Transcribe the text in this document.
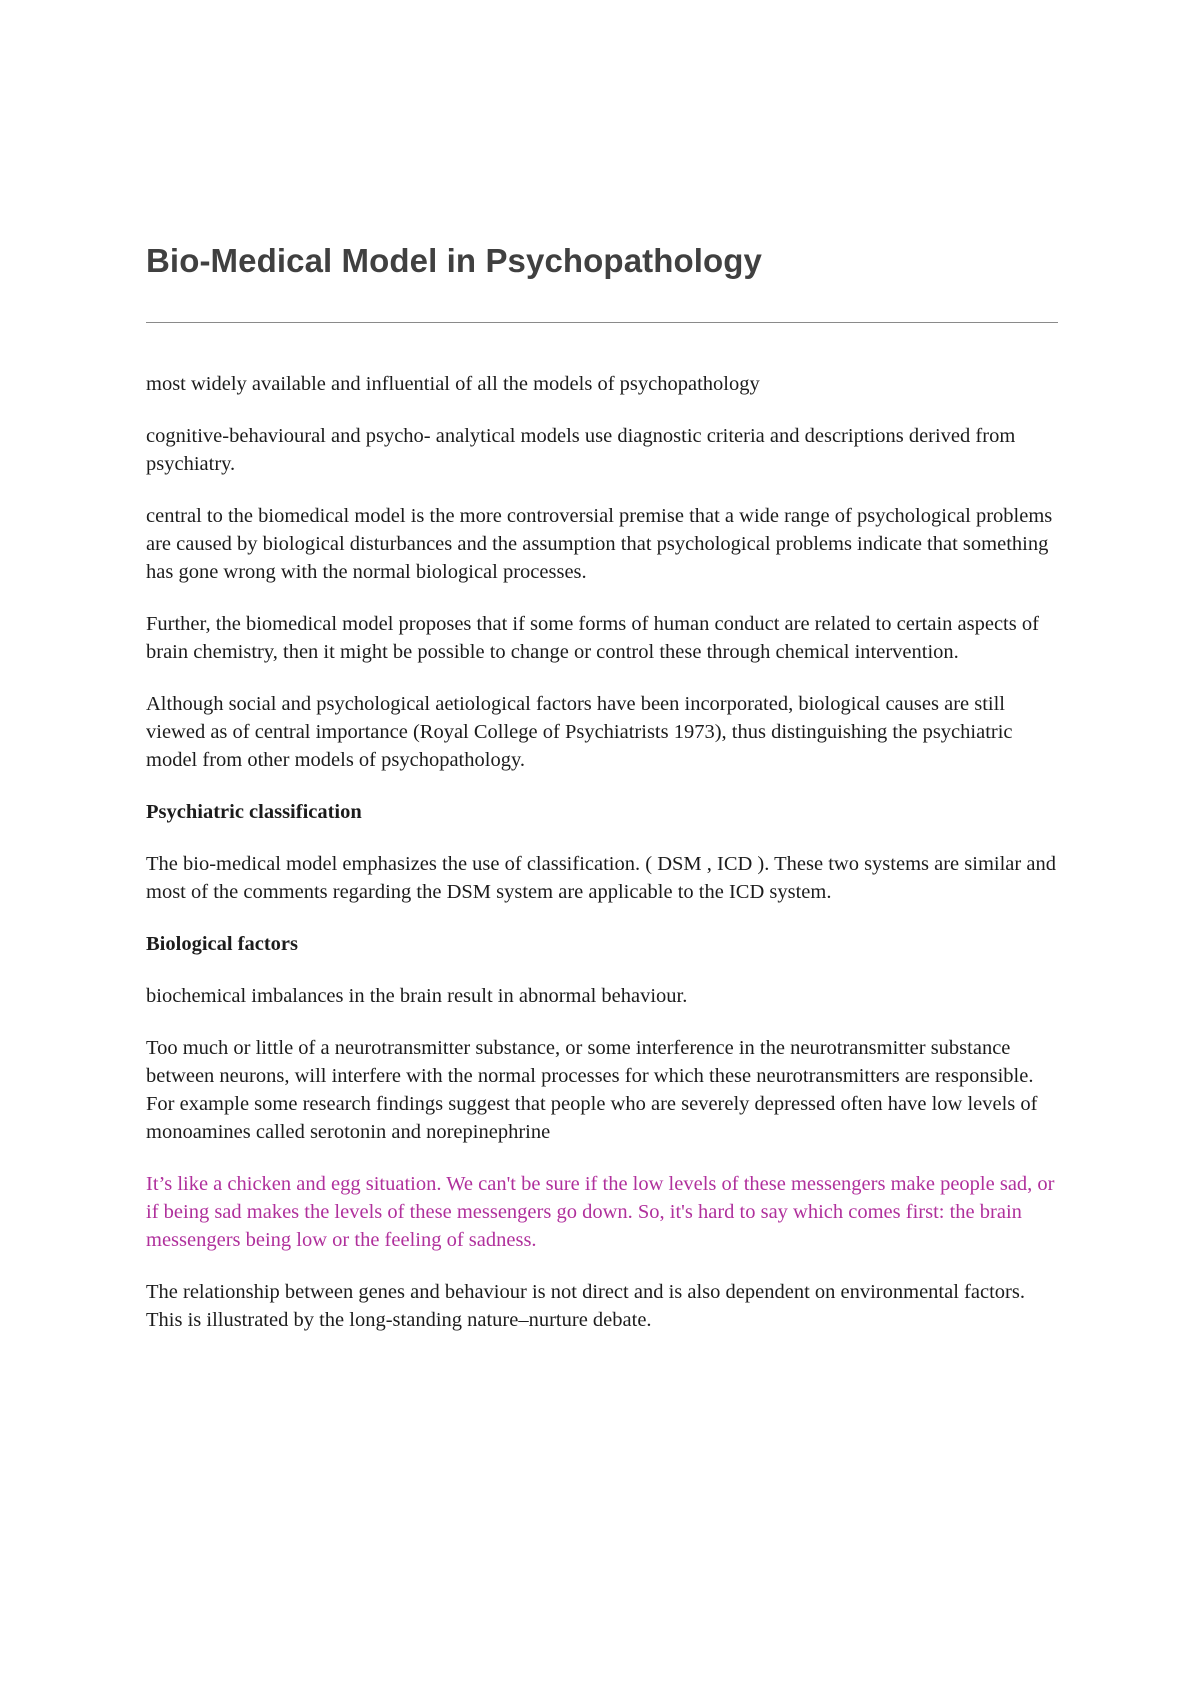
Bio-Medical Model in Psychopathology

most widely available and influential of all the models of psychopathology

cognitive-behavioural and psycho- analytical models use diagnostic criteria and descriptions derived from psychiatry.

central to the biomedical model is the more controversial premise that a wide range of psychological problems are caused by biological disturbances and the assumption that psychological problems indicate that something has gone wrong with the normal biological processes.

Further, the biomedical model proposes that if some forms of human conduct are related to certain aspects of brain chemistry, then it might be possible to change or control these through chemical intervention.

Although social and psychological aetiological factors have been incorporated, biological causes are still viewed as of central importance (Royal College of Psychiatrists 1973), thus distinguishing the psychiatric model from other models of psychopathology.

Psychiatric classification

The bio-medical model emphasizes the use of classification. ( DSM , ICD ). These two systems are similar and most of the comments regarding the DSM system are applicable to the ICD system.

Biological factors

biochemical imbalances in the brain result in abnormal behaviour.

Too much or little of a neurotransmitter substance, or some interference in the neurotransmitter substance between neurons, will interfere with the normal processes for which these neurotransmitters are responsible. For example some research findings suggest that people who are severely depressed often have low levels of monoamines called serotonin and norepinephrine

It’s like a chicken and egg situation. We can't be sure if the low levels of these messengers make people sad, or if being sad makes the levels of these messengers go down. So, it's hard to say which comes first: the brain messengers being low or the feeling of sadness.

The relationship between genes and behaviour is not direct and is also dependent on environmental factors. This is illustrated by the long-standing nature–nurture debate.
